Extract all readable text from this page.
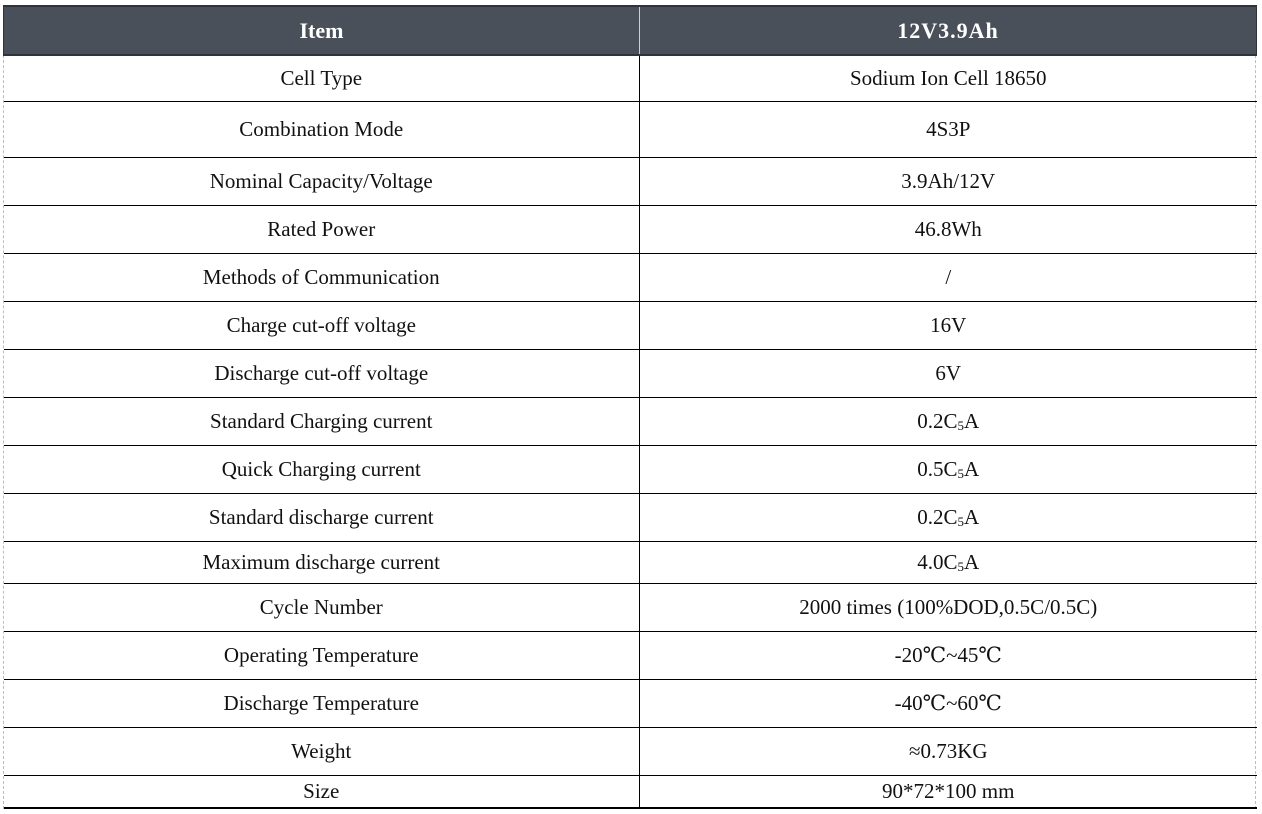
Item	12V3.9Ah
Cell Type	Sodium Ion Cell 18650
Combination Mode	4S3P
Nominal Capacity/Voltage	3.9Ah/12V
Rated Power	46.8Wh
Methods of Communication	/
Charge cut-off voltage	16V
Discharge cut-off voltage	6V
Standard Charging current	$0.2C_5A$
Quick Charging current	$0.5C_5A$
Standard discharge current	$0.2C_5A$
Maximum discharge current	$4.0C_5A$
Cycle Number	2000 times (100%DOD,0.5C/0.5C)
Operating Temperature	-20℃~45℃
Discharge Temperature	-40℃~60℃
Weight	≈0.73KG
Size	90*72*100 mm
